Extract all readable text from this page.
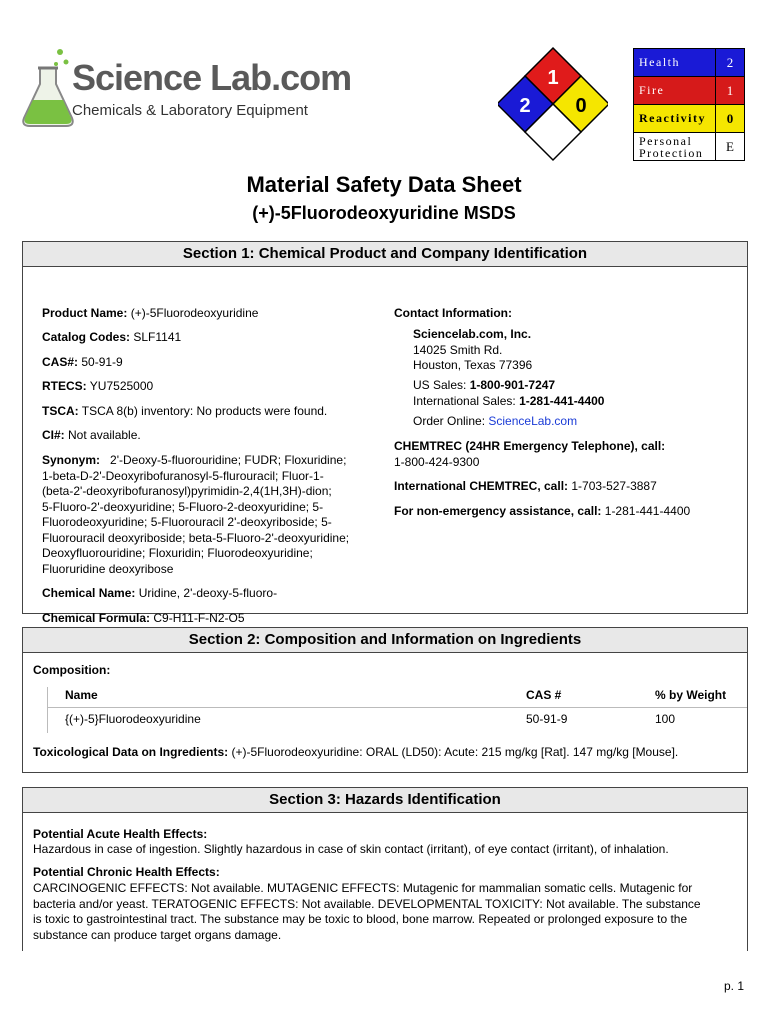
Science Lab.com
Chemicals & Laboratory Equipment
1
2 0
Health	2
Fire	1
Reactivity	0
Personal Protection	E
Material Safety Data Sheet
(+)-5Fluorodeoxyuridine MSDS
Section 1: Chemical Product and Company Identification
Product Name: (+)-5Fluorodeoxyuridine
Catalog Codes: SLF1141
CAS#: 50-91-9
RTECS: YU7525000
TSCA: TSCA 8(b) inventory: No products were found.
CI#: Not available.
Synonym: 2'-Deoxy-5-fluorouridine; FUDR; Floxuridine;
1-beta-D-2'-Deoxyribofuranosyl-5-flurouracil; Fluor-1-
(beta-2'-deoxyribofuranosyl)pyrimidin-2,4(1H,3H)-dion;
5-Fluoro-2'-deoxyuridine; 5-Fluoro-2-deoxyuridine; 5-
Fluorodeoxyuridine; 5-Fluorouracil 2'-deoxyriboside; 5-
Fluorouracil deoxyriboside; beta-5-Fluoro-2'-deoxyuridine;
Deoxyfluorouridine; Floxuridin; Fluorodeoxyuridine;
Fluoruridine deoxyribose
Chemical Name: Uridine, 2'-deoxy-5-fluoro-
Chemical Formula: C9-H11-F-N2-O5
Contact Information:
Sciencelab.com, Inc.
14025 Smith Rd.
Houston, Texas 77396
US Sales: 1-800-901-7247
International Sales: 1-281-441-4400
Order Online: ScienceLab.com
CHEMTREC (24HR Emergency Telephone), call:
1-800-424-9300
International CHEMTREC, call: 1-703-527-3887
For non-emergency assistance, call: 1-281-441-4400
Section 2: Composition and Information on Ingredients
Composition:
Name	CAS #	% by Weight
{(+)-5}Fluorodeoxyuridine	50-91-9	100
Toxicological Data on Ingredients: (+)-5Fluorodeoxyuridine: ORAL (LD50): Acute: 215 mg/kg [Rat]. 147 mg/kg [Mouse].
Section 3: Hazards Identification
Potential Acute Health Effects:
Hazardous in case of ingestion. Slightly hazardous in case of skin contact (irritant), of eye contact (irritant), of inhalation.
Potential Chronic Health Effects:
CARCINOGENIC EFFECTS: Not available. MUTAGENIC EFFECTS: Mutagenic for mammalian somatic cells. Mutagenic for
bacteria and/or yeast. TERATOGENIC EFFECTS: Not available. DEVELOPMENTAL TOXICITY: Not available. The substance
is toxic to gastrointestinal tract. The substance may be toxic to blood, bone marrow. Repeated or prolonged exposure to the
substance can produce target organs damage.
p. 1
